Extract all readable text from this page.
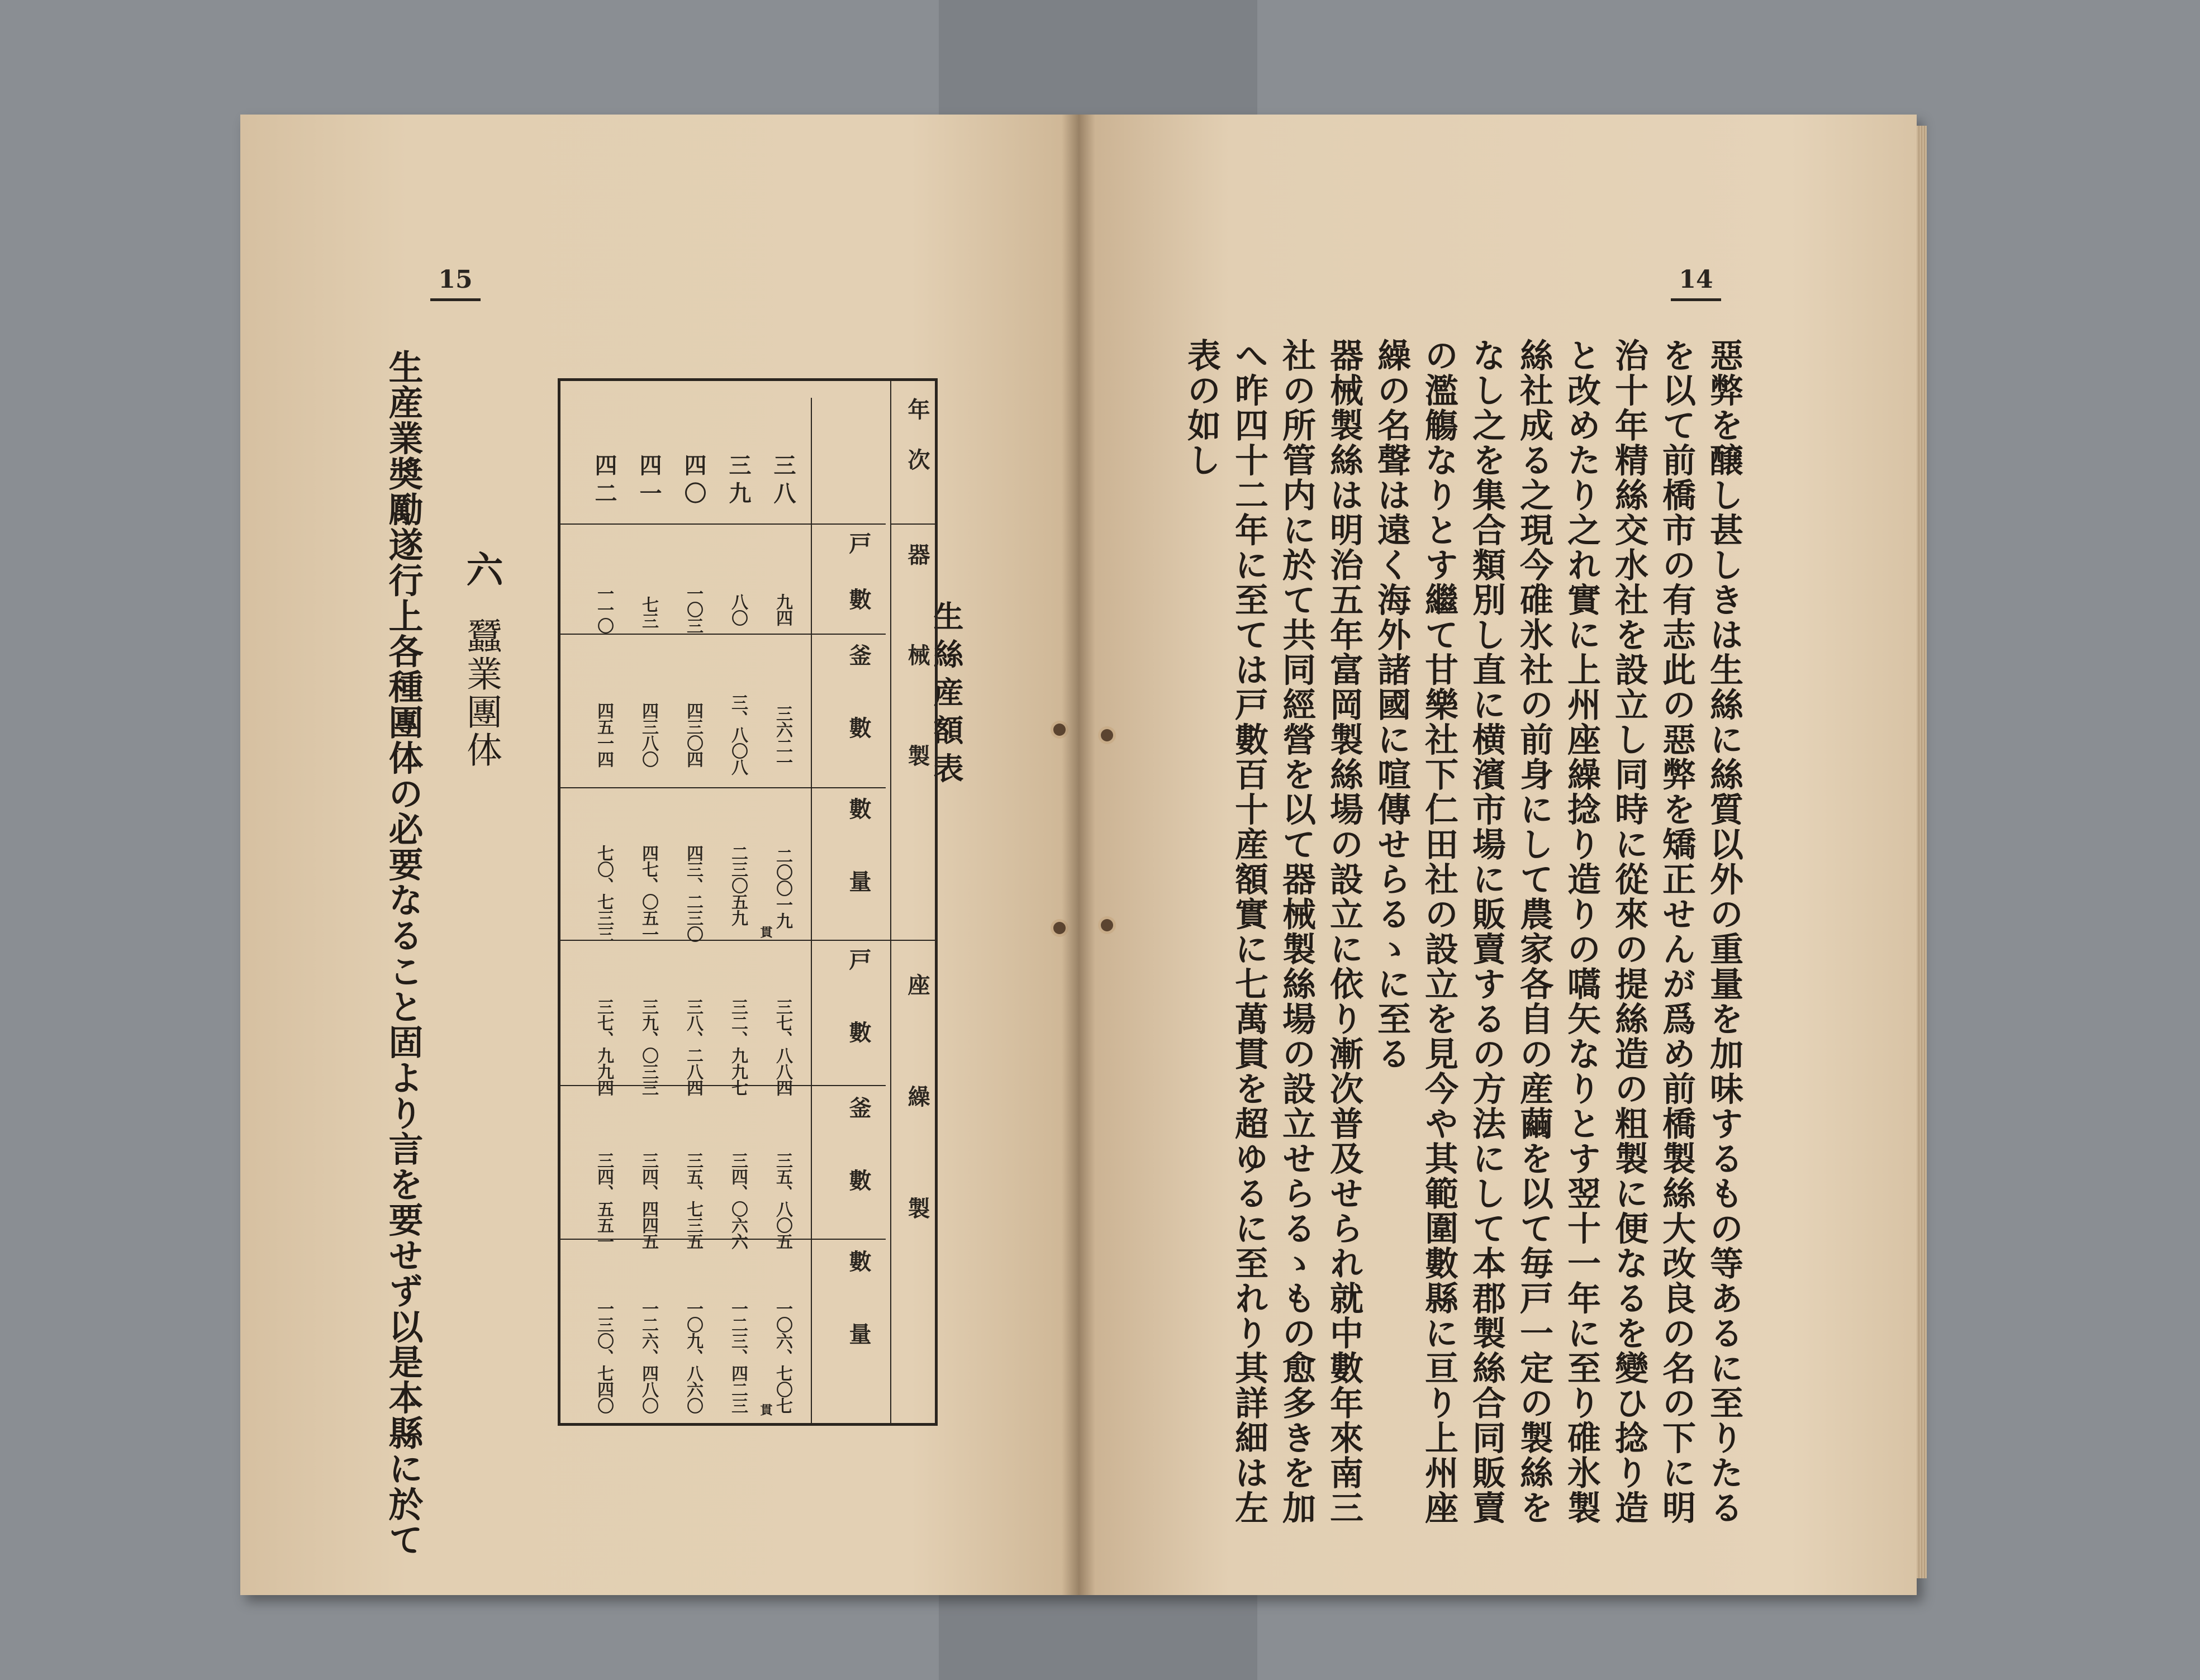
15
生産業奬勵遂行上各種團体の必要なること固より言を要せず以是本縣に於て 六
蠶業團体	生絲産額表
年次
器械製
座繰製
戸數
釜數
數量
戸數
釜數
數量
三八
九四
三六二一
二〇〇一九
貫
三七、八八四
三五、八〇五
一〇六、七〇七
貫
三九
八〇
三、八〇八
二三〇五九
三二、九九七
三四、〇六六
一二三、四二三
四〇
一〇三
四三〇四
四三、二三〇
三八、二八四
三五、七三五
一〇九、八六〇
四一
七三
四三八〇
四七、〇五一
三九、〇三三
三四、四四五
一二六、四八〇
四二
一一〇
四五一四
七〇、七三三
三七、九九四
三四、五五一
一三〇、七四〇
14
惡弊を醸し甚しきは生絲に絲質以外の重量を加味するもの等あるに至りたる
を以て前橋市の有志此の惡弊を矯正せんが爲め前橋製絲大改良の名の下に明
治十年精絲交水社を設立し同時に從來の提絲造の粗製に便なるを變ひ捻り造
と改めたり之れ實に上州座繰捻り造りの嚆矢なりとす翌十一年に至り碓氷製
絲社成る之現今碓氷社の前身にして農家各自の産繭を以て毎戸一定の製絲を
なし之を集合類別し直に横濱市場に販賣するの方法にして本郡製絲合同販賣
の濫觴なりとす繼て甘樂社下仁田社の設立を見今や其範圍數縣に亘り上州座
繰の名聲は遠く海外諸國に喧傳せらるゝに至る
器械製絲は明治五年富岡製絲場の設立に依り漸次普及せられ就中數年來南三
社の所管内に於て共同經營を以て器械製絲場の設立せらるゝもの愈多きを加
へ昨四十二年に至ては戸數百十産額實に七萬貫を超ゆるに至れり其詳細は左
表の如し
